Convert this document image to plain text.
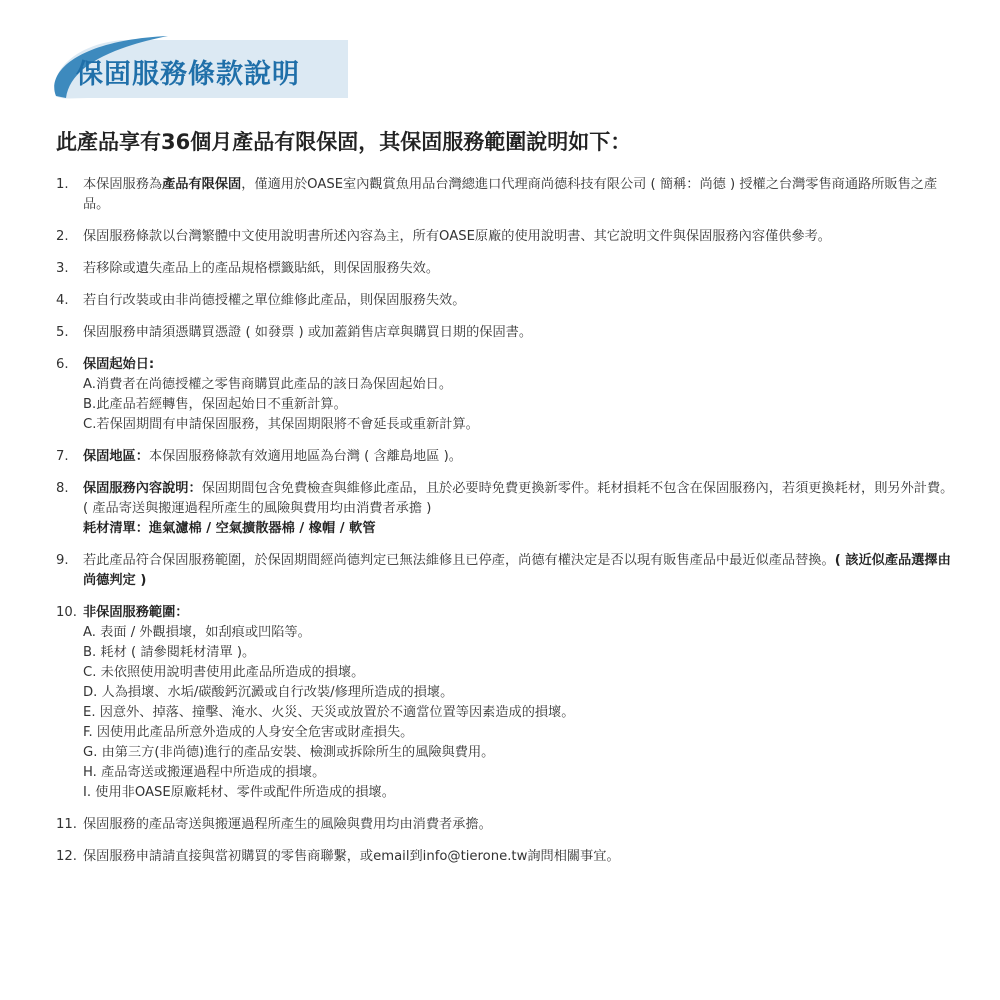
保固服務條款說明
此產品享有36個月產品有限保固，其保固服務範圍說明如下：
1.	本保固服務為產品有限保固，僅適用於OASE室內觀賞魚用品台灣總進口代理商尚德科技有限公司 ( 簡稱：尚德 ) 授權之台灣零售商通路所販售之產品。
2.	保固服務條款以台灣繁體中文使用說明書所述內容為主，所有OASE原廠的使用說明書、其它說明文件與保固服務內容僅供參考。
3.	若移除或遺失產品上的產品規格標籤貼紙，則保固服務失效。
4.	若自行改裝或由非尚德授權之單位維修此產品，則保固服務失效。
5.	保固服務申請須憑購買憑證 ( 如發票 ) 或加蓋銷售店章與購買日期的保固書。
6.	保固起始日:
A.消費者在尚德授權之零售商購買此產品的該日為保固起始日。
B.此產品若經轉售，保固起始日不重新計算。
C.若保固期間有申請保固服務，其保固期限將不會延長或重新計算。
7.	保固地區：本保固服務條款有效適用地區為台灣 ( 含離島地區 )。
8.	保固服務內容說明：保固期間包含免費檢查與維修此產品，且於必要時免費更換新零件。耗材損耗不包含在保固服務內，若須更換耗材，則另外計費。( 產品寄送與搬運過程所產生的風險與費用均由消費者承擔 )
耗材清單：進氣濾棉 / 空氣擴散器棉 / 橡帽 / 軟管
9.	若此產品符合保固服務範圍，於保固期間經尚德判定已無法維修且已停產，尚德有權決定是否以現有販售產品中最近似產品替換。( 該近似產品選擇由尚德判定 )
10. 非保固服務範圍：
A. 表面 / 外觀損壞，如刮痕或凹陷等。
B. 耗材 ( 請參閱耗材清單 )。
C. 未依照使用說明書使用此產品所造成的損壞。
D. 人為損壞、水垢/碳酸鈣沉澱或自行改裝/修理所造成的損壞。
E. 因意外、掉落、撞擊、淹水、火災、天災或放置於不適當位置等因素造成的損壞。
F. 因使用此產品所意外造成的人身安全危害或財產損失。
G. 由第三方(非尚德)進行的產品安裝、檢測或拆除所生的風險與費用。
H. 產品寄送或搬運過程中所造成的損壞。
I. 使用非OASE原廠耗材、零件或配件所造成的損壞。
11. 保固服務的產品寄送與搬運過程所產生的風險與費用均由消費者承擔。
12. 保固服務申請請直接與當初購買的零售商聯繫，或email到info@tierone.tw詢問相關事宜。
